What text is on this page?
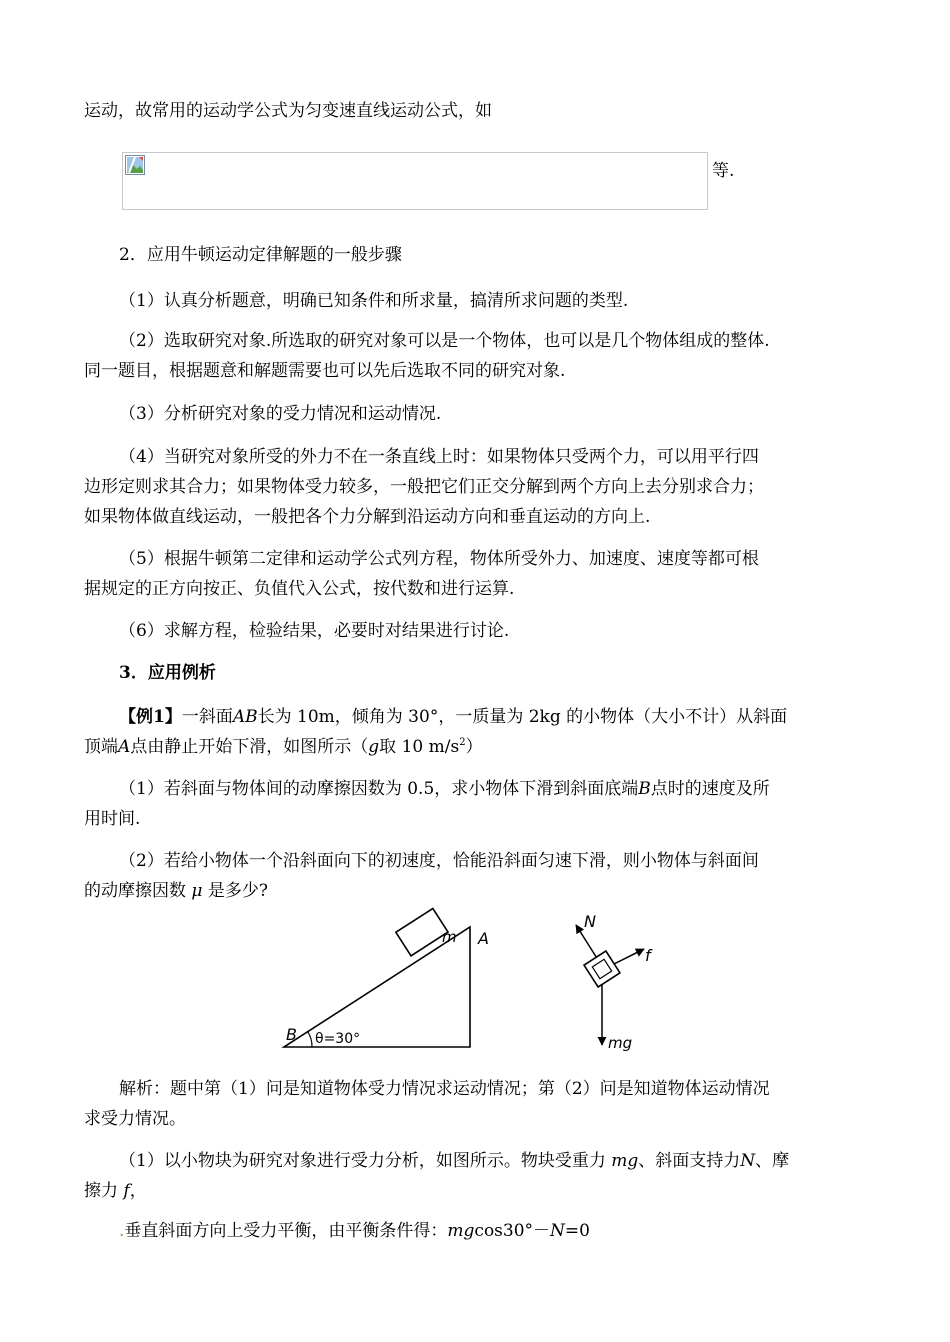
运动，故常用的运动学公式为匀变速直线运动公式，如
等.
2．应用牛顿运动定律解题的一般步骤
（1）认真分析题意，明确已知条件和所求量，搞清所求问题的类型.
（2）选取研究对象.所选取的研究对象可以是一个物体，也可以是几个物体组成的整体.
同一题目，根据题意和解题需要也可以先后选取不同的研究对象.
（3）分析研究对象的受力情况和运动情况.
（4）当研究对象所受的外力不在一条直线上时：如果物体只受两个力，可以用平行四
边形定则求其合力；如果物体受力较多，一般把它们正交分解到两个方向上去分别求合力；
如果物体做直线运动，一般把各个力分解到沿运动方向和垂直运动的方向上.
（5）根据牛顿第二定律和运动学公式列方程，物体所受外力、加速度、速度等都可根
据规定的正方向按正、负值代入公式，按代数和进行运算.
（6）求解方程，检验结果，必要时对结果进行讨论.
3．应用例析
【例1】一斜面AB长为 10m，倾角为 30°，一质量为 2kg 的小物体（大小不计）从斜面
顶端A点由静止开始下滑，如图所示（g取 10 $m/s^2$）
（1）若斜面与物体间的动摩擦因数为 0.5，求小物体下滑到斜面底端B点时的速度及所
用时间.
（2）若给小物体一个沿斜面向下的初速度，恰能沿斜面匀速下滑，则小物体与斜面间
的动摩擦因数 μ 是多少?
m A
B θ=30°
N
f
mg
解析：题中第（1）问是知道物体受力情况求运动情况；第（2）问是知道物体运动情况
求受力情况。
（1）以小物块为研究对象进行受力分析，如图所示。物块受重力 mg、斜面支持力N、摩
擦力 f，
.垂直斜面方向上受力平衡，由平衡条件得：mgcos30°－N=0
